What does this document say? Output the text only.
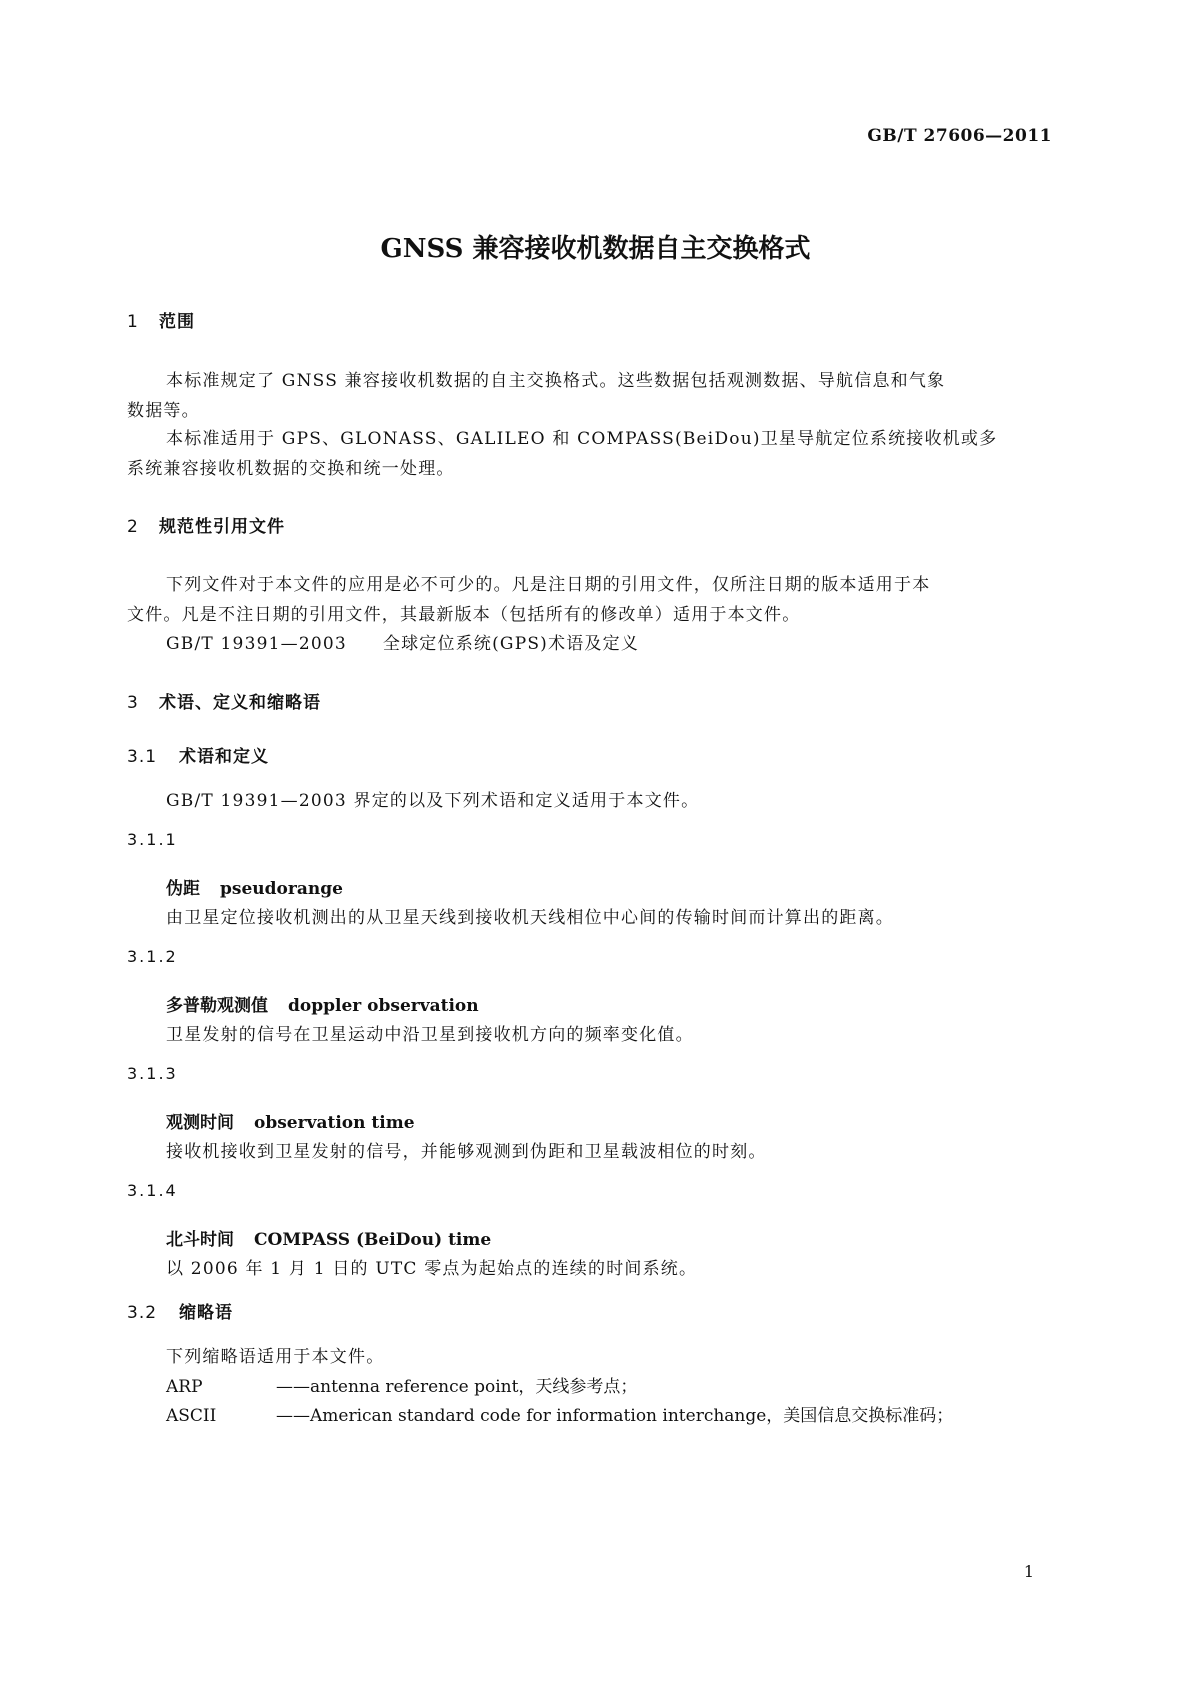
GB/T 27606—2011
GNSS 兼容接收机数据自主交换格式
1 范围
本标准规定了 GNSS 兼容接收机数据的自主交换格式。这些数据包括观测数据、导航信息和气象
数据等。
本标准适用于 GPS、GLONASS、GALILEO 和 COMPASS(BeiDou)卫星导航定位系统接收机或多
系统兼容接收机数据的交换和统一处理。
2 规范性引用文件
下列文件对于本文件的应用是必不可少的。凡是注日期的引用文件，仅所注日期的版本适用于本
文件。凡是不注日期的引用文件，其最新版本（包括所有的修改单）适用于本文件。
GB/T 19391—2003 全球定位系统(GPS)术语及定义
3 术语、定义和缩略语
3.1 术语和定义
GB/T 19391—2003 界定的以及下列术语和定义适用于本文件。
3.1.1
伪距 pseudorange
由卫星定位接收机测出的从卫星天线到接收机天线相位中心间的传输时间而计算出的距离。
3.1.2
多普勒观测值 doppler observation
卫星发射的信号在卫星运动中沿卫星到接收机方向的频率变化值。
3.1.3
观测时间 observation time
接收机接收到卫星发射的信号，并能够观测到伪距和卫星载波相位的时刻。
3.1.4
北斗时间 COMPASS (BeiDou) time
以 2006 年 1 月 1 日的 UTC 零点为起始点的连续的时间系统。
3.2 缩略语
下列缩略语适用于本文件。
ARP	——antenna reference point，天线参考点；
ASCII	——American standard code for information interchange，美国信息交换标准码；
1
